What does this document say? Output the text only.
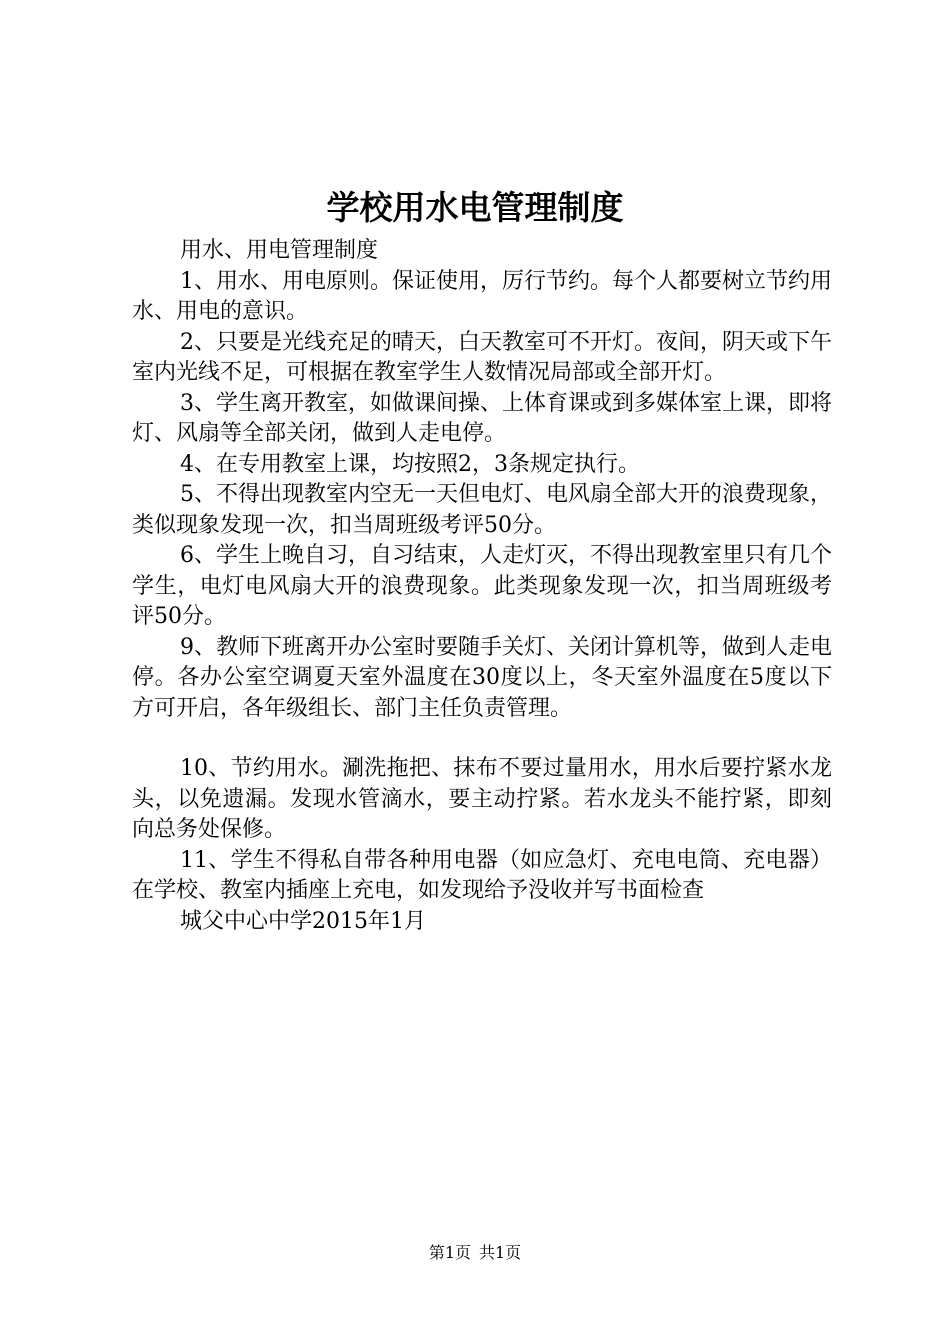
学校用水电管理制度

用水、用电管理制度

1、用水、用电原则。保证使用，厉行节约。每个人都要树立节约用水、用电的意识。

2、只要是光线充足的晴天，白天教室可不开灯。夜间，阴天或下午室内光线不足，可根据在教室学生人数情况局部或全部开灯。

3、学生离开教室，如做课间操、上体育课或到多媒体室上课，即将灯、风扇等全部关闭，做到人走电停。

4、在专用教室上课，均按照2，3条规定执行。

5、不得出现教室内空无一天但电灯、电风扇全部大开的浪费现象，类似现象发现一次，扣当周班级考评50分。

6、学生上晚自习，自习结束，人走灯灭，不得出现教室里只有几个学生，电灯电风扇大开的浪费现象。此类现象发现一次，扣当周班级考评50分。

9、教师下班离开办公室时要随手关灯、关闭计算机等，做到人走电停。各办公室空调夏天室外温度在30度以上，冬天室外温度在5度以下方可开启，各年级组长、部门主任负责管理。

10、节约用水。涮洗拖把、抹布不要过量用水，用水后要拧紧水龙头，以免遗漏。发现水管滴水，要主动拧紧。若水龙头不能拧紧，即刻向总务处保修。

11、学生不得私自带各种用电器（如应急灯、充电电筒、充电器）在学校、教室内插座上充电，如发现给予没收并写书面检查

城父中心中学2015年1月

第1页 共1页
